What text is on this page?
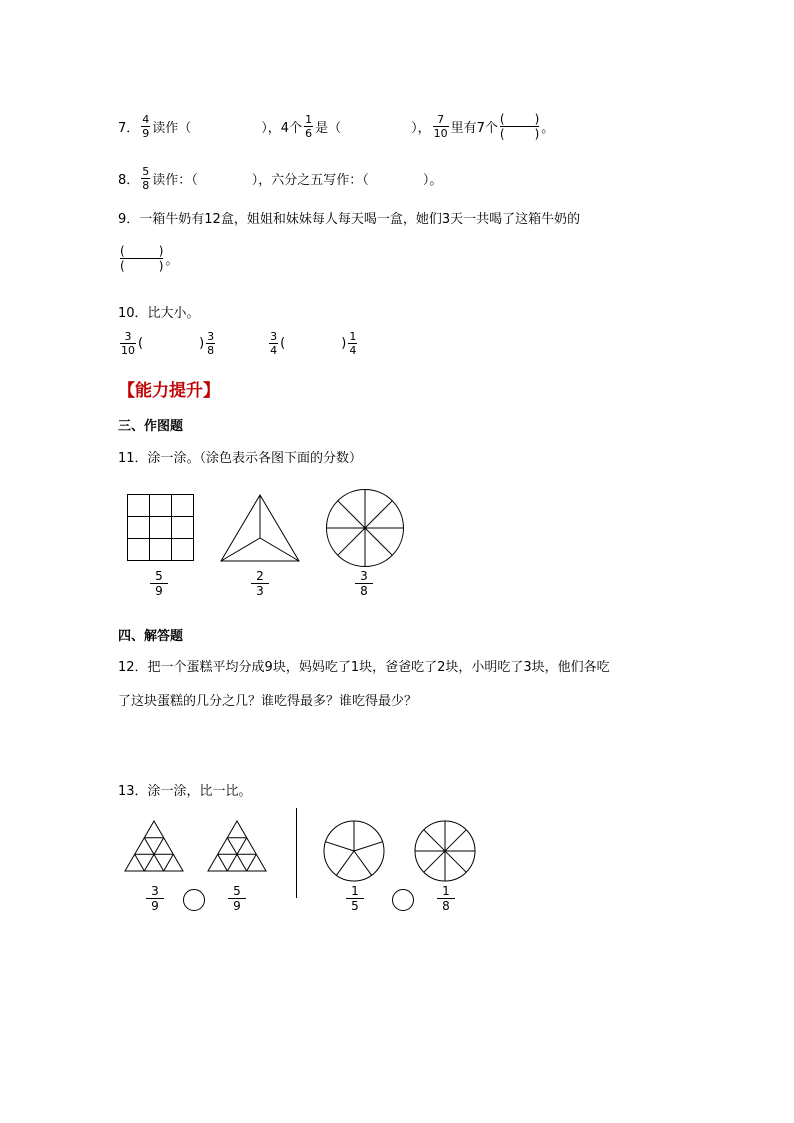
7． $\frac{4}{9}$ 读作（	），4个 $\frac{1}{6}$ 是（	）， $\frac{7}{10}$ 里有7个
(	)
(	) 。
8． $\frac{5}{8}$ 读作：（	），六分之五写作：（	）。
9．一箱牛奶有12盒，姐姐和妹妹每人每天喝一盒，她们3天一共喝了这箱牛奶的
(	)
(	) 。
10．比大小。
$\frac{3}{10}$ (	) $\frac{3}{8}$	$\frac{3}{4}$ (	) $\frac{1}{4}$
【能力提升】
三、作图题
11．涂一涂。（涂色表示各图下面的分数）
5
9
2
3
3
8
四、解答题
12．把一个蛋糕平均分成9块，妈妈吃了1块，爸爸吃了2块，小明吃了3块，他们各吃
了这块蛋糕的几分之几？谁吃得最多？谁吃得最少？
13．涂一涂，比一比。
3
9
5
9
1
5
1
8
